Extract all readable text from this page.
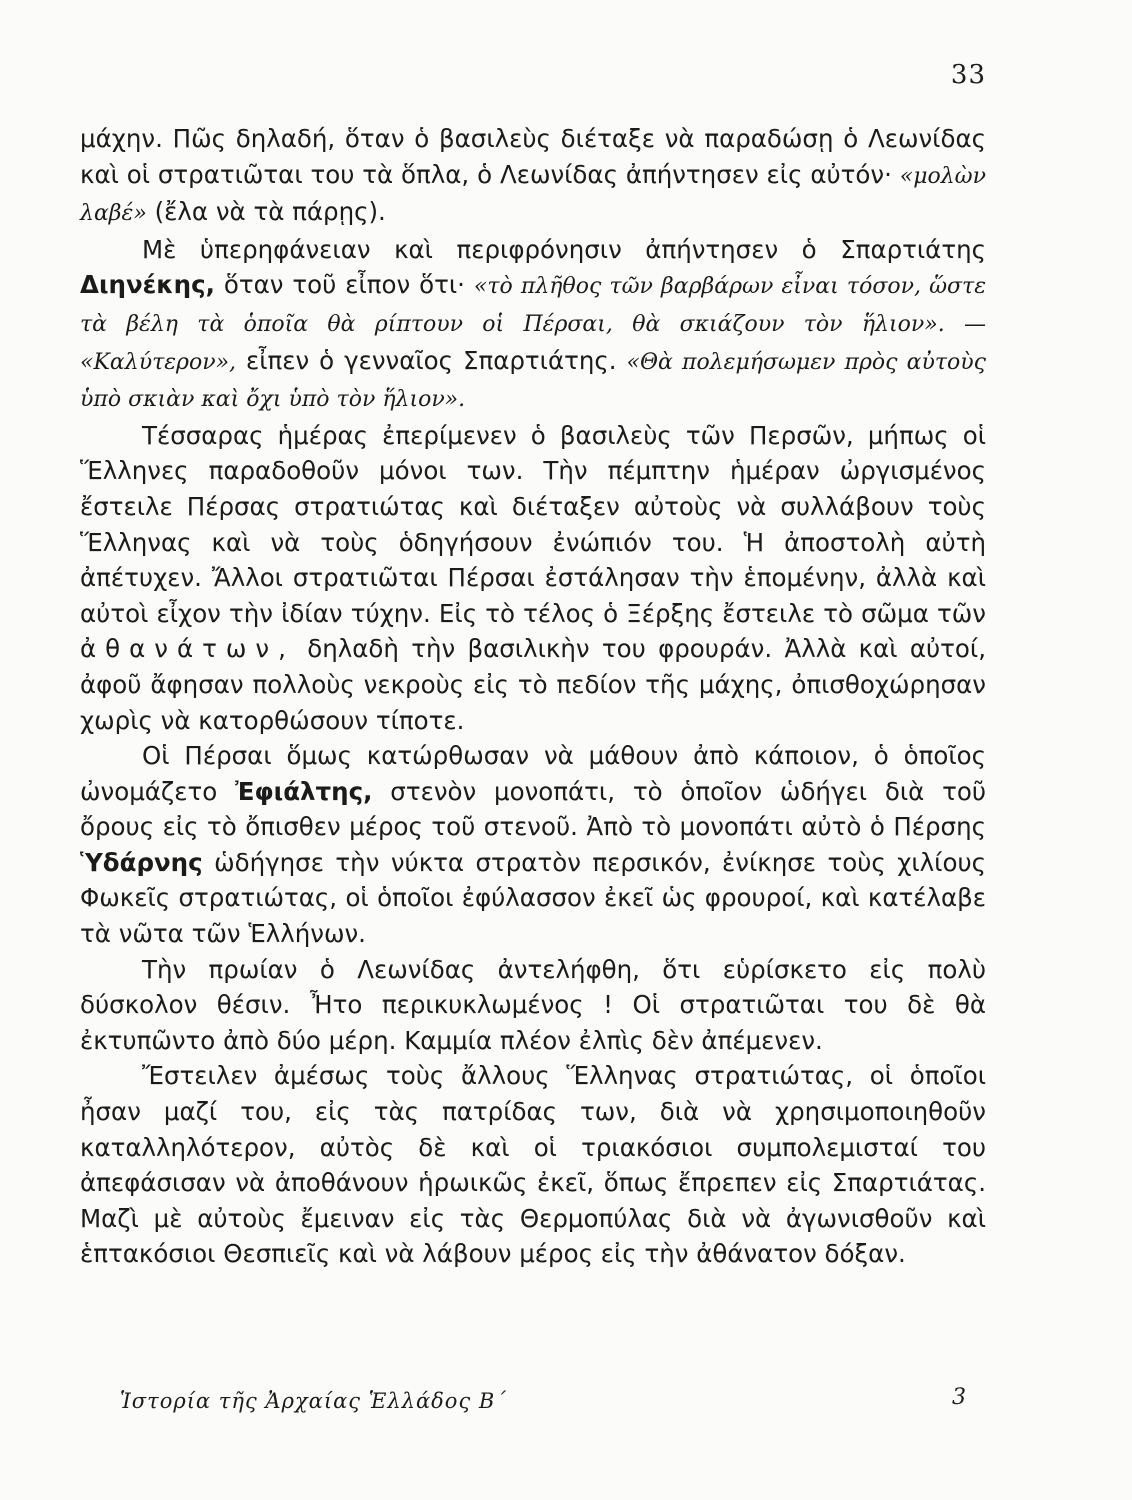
33

μάχην. Πῶς δηλαδή, ὅταν ὁ βασιλεὺς διέταξε νὰ παραδώσῃ ὁ Λεωνίδας καὶ οἱ στρατιῶται του τὰ ὅπλα, ὁ Λεωνίδας ἀπήντησεν εἰς αὐτόν· «μολὼν λαβέ» (ἔλα νὰ τὰ πάρῃς).

Μὲ ὑπερηφάνειαν καὶ περιφρόνησιν ἀπήντησεν ὁ Σπαρτιάτης Διηνέκης, ὅταν τοῦ εἶπον ὅτι· «τὸ πλῆθος τῶν βαρβάρων εἶναι τόσον, ὥστε τὰ βέλη τὰ ὁποῖα θὰ ρίπτουν οἱ Πέρσαι, θὰ σκιάζουν τὸν ἥλιον». — «Καλύτερον», εἶπεν ὁ γενναῖος Σπαρτιάτης. «Θὰ πολεμήσωμεν πρὸς αὐτοὺς ὑπὸ σκιὰν καὶ ὄχι ὑπὸ τὸν ἥλιον».

Τέσσαρας ἡμέρας ἐπερίμενεν ὁ βασιλεὺς τῶν Περσῶν, μήπως οἱ Ἕλληνες παραδοθοῦν μόνοι των. Τὴν πέμπτην ἡμέραν ὠργισμένος ἔστειλε Πέρσας στρατιώτας καὶ διέταξεν αὐτοὺς νὰ συλλάβουν τοὺς Ἕλληνας καὶ νὰ τοὺς ὁδηγήσουν ἐνώπιόν του. Ἡ ἀποστολὴ αὐτὴ ἀπέτυχεν. Ἄλλοι στρατιῶται Πέρσαι ἐστάλησαν τὴν ἑπομένην, ἀλλὰ καὶ αὐτοὶ εἶχον τὴν ἰδίαν τύχην. Εἰς τὸ τέλος ὁ Ξέρξης ἔστειλε τὸ σῶμα τῶν ἀθανάτων, δηλαδὴ τὴν βασιλικὴν του φρουράν. Ἀλλὰ καὶ αὐτοί, ἀφοῦ ἄφησαν πολλοὺς νεκροὺς εἰς τὸ πεδίον τῆς μάχης, ὀπισθοχώρησαν χωρὶς νὰ κατορθώσουν τίποτε.

Οἱ Πέρσαι ὅμως κατώρθωσαν νὰ μάθουν ἀπὸ κάποιον, ὁ ὁποῖος ὠνομάζετο Ἐφιάλτης, στενὸν μονοπάτι, τὸ ὁποῖον ὡδήγει διὰ τοῦ ὄρους εἰς τὸ ὄπισθεν μέρος τοῦ στενοῦ. Ἀπὸ τὸ μονοπάτι αὐτὸ ὁ Πέρσης Ὑδάρνης ὡδήγησε τὴν νύκτα στρατὸν περσικόν, ἐνίκησε τοὺς χιλίους Φωκεῖς στρατιώτας, οἱ ὁποῖοι ἐφύλασσον ἐκεῖ ὡς φρουροί, καὶ κατέλαβε τὰ νῶτα τῶν Ἑλλήνων.

Τὴν πρωίαν ὁ Λεωνίδας ἀντελήφθη, ὅτι εὑρίσκετο εἰς πολὺ δύσκολον θέσιν. Ἦτο περικυκλωμένος ! Οἱ στρατιῶται του δὲ θὰ ἐκτυπῶντο ἀπὸ δύο μέρη. Καμμία πλέον ἐλπὶς δὲν ἀπέμενεν.

Ἔστειλεν ἀμέσως τοὺς ἄλλους Ἕλληνας στρατιώτας, οἱ ὁποῖοι ἦσαν μαζί του, εἰς τὰς πατρίδας των, διὰ νὰ χρησιμοποιηθοῦν καταλληλότερον, αὐτὸς δὲ καὶ οἱ τριακόσιοι συμπολεμισταί του ἀπεφάσισαν νὰ ἀποθάνουν ἡρωικῶς ἐκεῖ, ὅπως ἔπρεπεν εἰς Σπαρτιάτας. Μαζὶ μὲ αὐτοὺς ἔμειναν εἰς τὰς Θερμοπύλας διὰ νὰ ἀγωνισθοῦν καὶ ἑπτακόσιοι Θεσπιεῖς καὶ νὰ λάβουν μέρος εἰς τὴν ἀθάνατον δόξαν.

Ἱστορία τῆς Ἀρχαίας Ἑλλάδος Β΄	3
